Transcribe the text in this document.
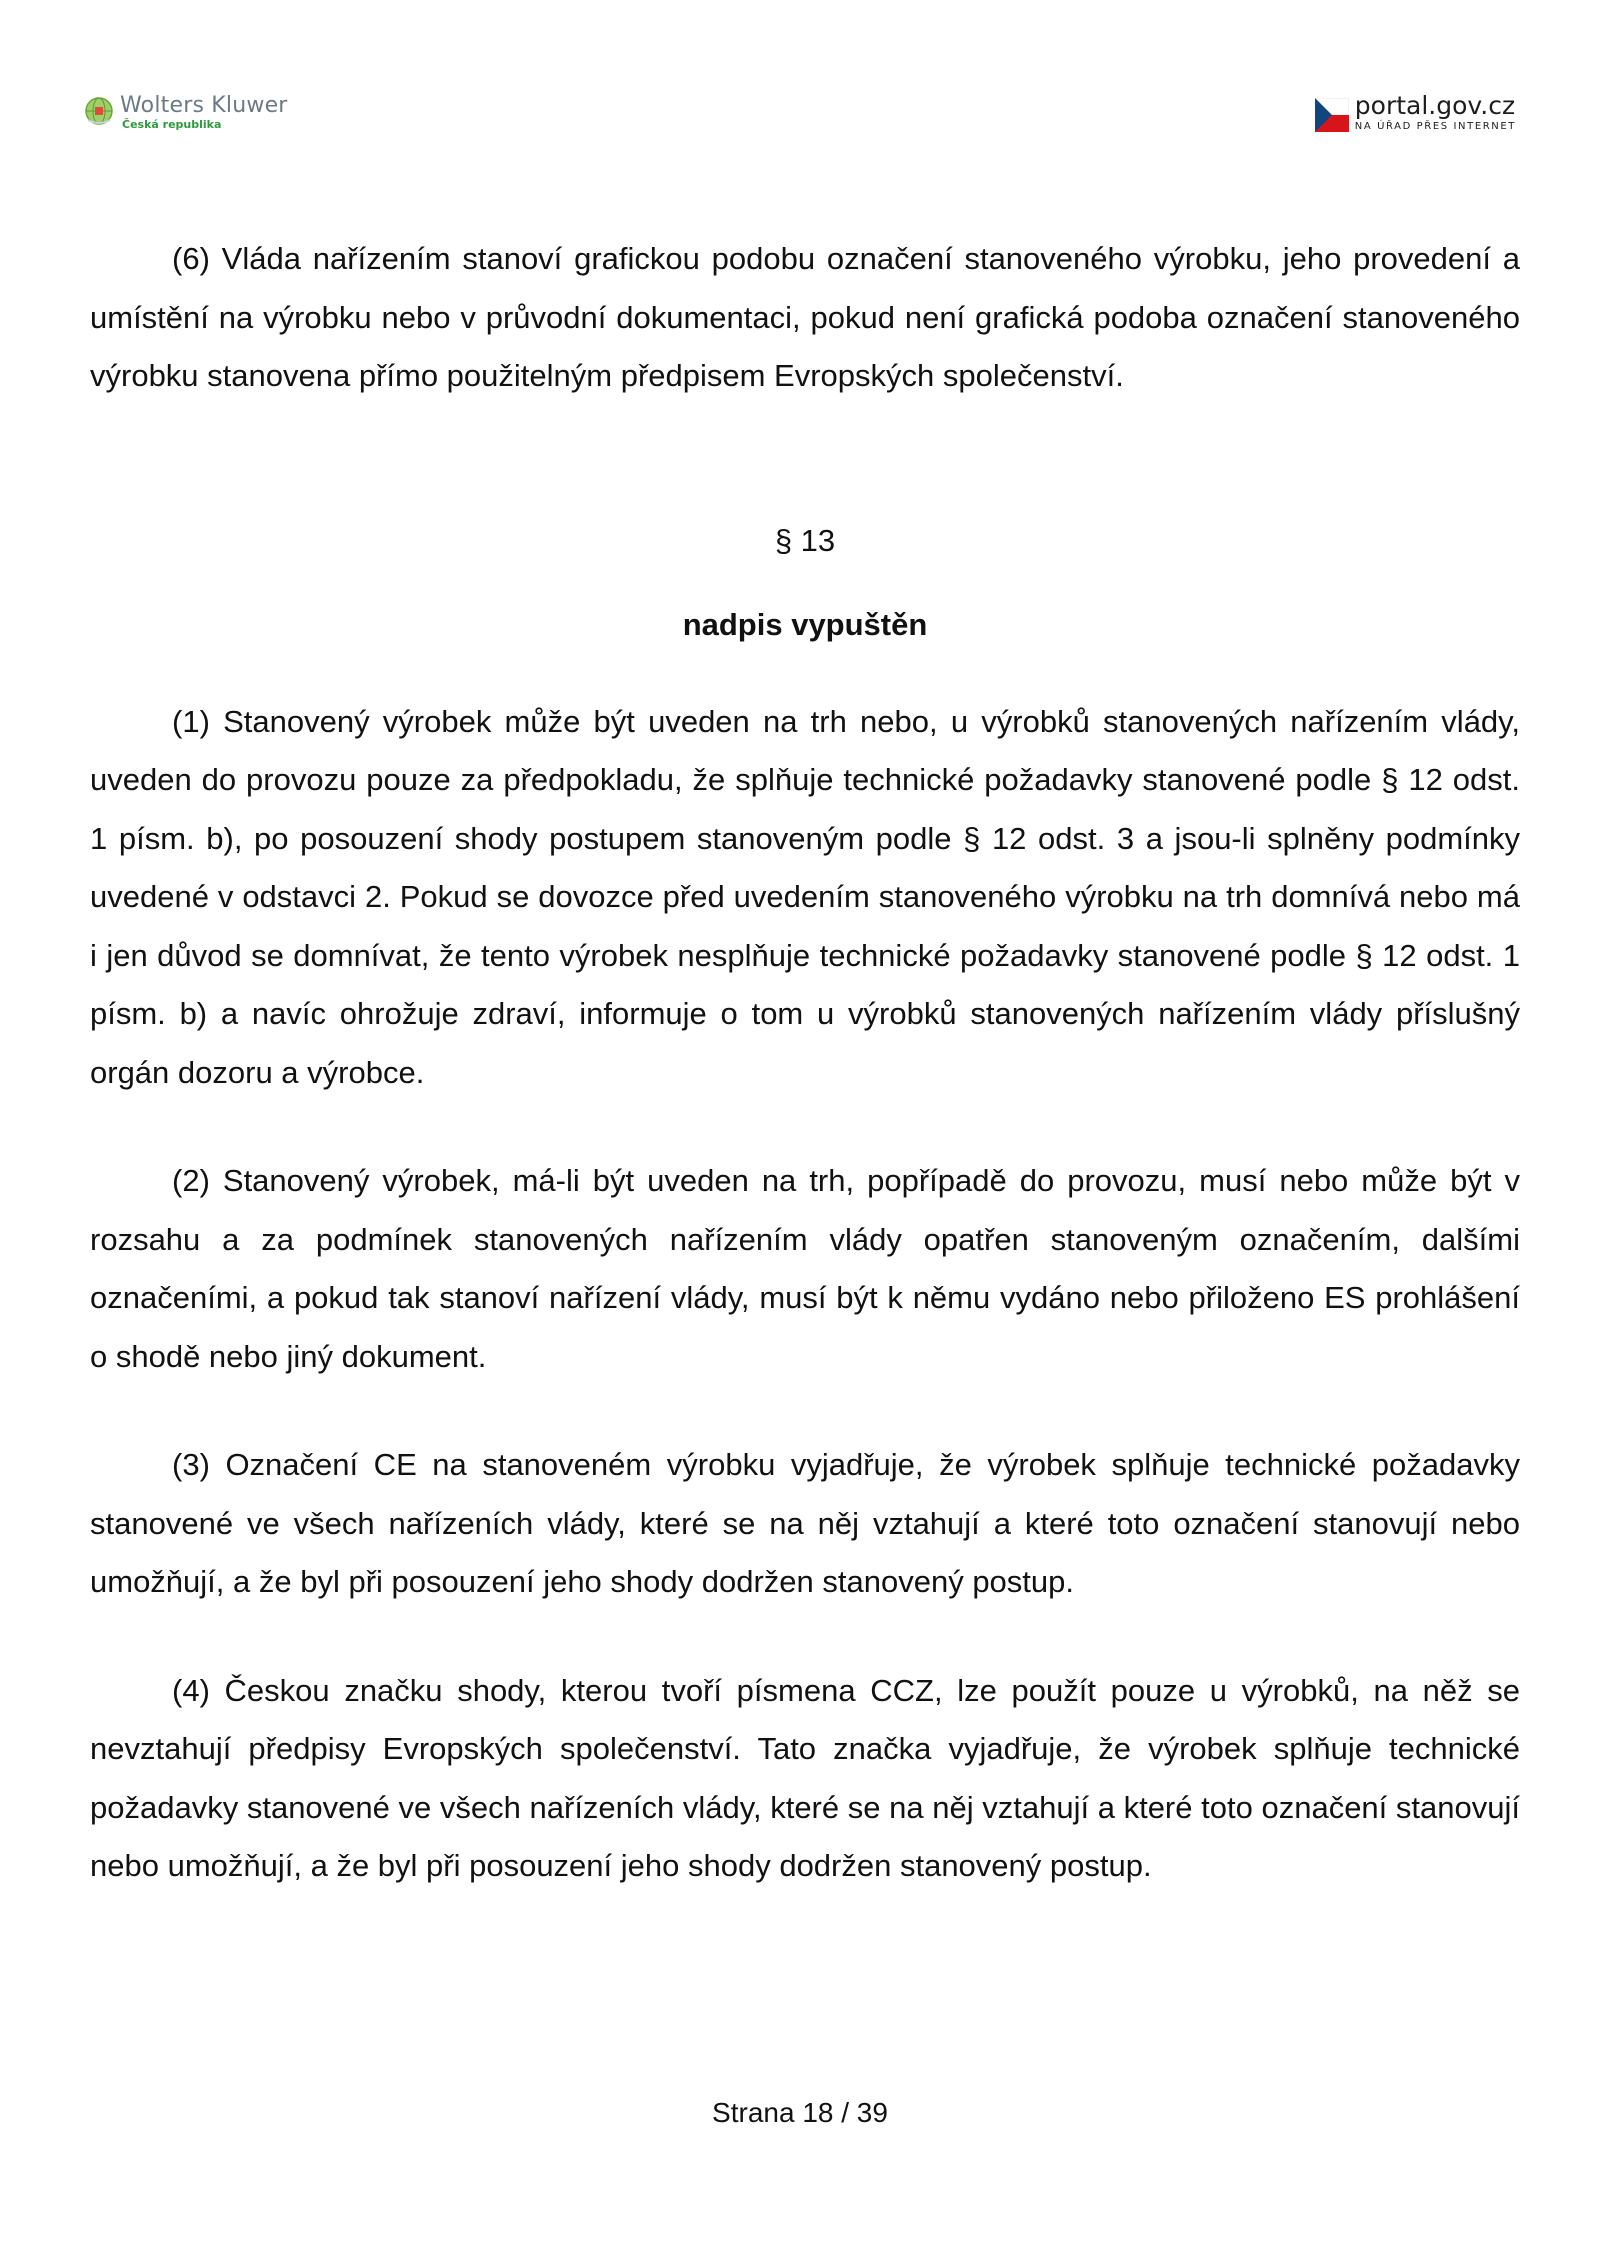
Wolters Kluwer
Česká republika
portal.gov.cz
NA ÚŘAD PŘES INTERNET

(6) Vláda nařízením stanoví grafickou podobu označení stanoveného výrobku, jeho provedení a umístění na výrobku nebo v průvodní dokumentaci, pokud není grafická podoba označení stanoveného výrobku stanovena přímo použitelným předpisem Evropských společenství.

§ 13

nadpis vypuštěn

(1) Stanovený výrobek může být uveden na trh nebo, u výrobků stanovených nařízením vlády, uveden do provozu pouze za předpokladu, že splňuje technické požadavky stanovené podle § 12 odst. 1 písm. b), po posouzení shody postupem stanoveným podle § 12 odst. 3 a jsou-li splněny podmínky uvedené v odstavci 2. Pokud se dovozce před uvedením stanoveného výrobku na trh domnívá nebo má i jen důvod se domnívat, že tento výrobek nesplňuje technické požadavky stanovené podle § 12 odst. 1 písm. b) a navíc ohrožuje zdraví, informuje o tom u výrobků stanovených nařízením vlády příslušný orgán dozoru a výrobce.

(2) Stanovený výrobek, má-li být uveden na trh, popřípadě do provozu, musí nebo může být v rozsahu a za podmínek stanovených nařízením vlády opatřen stanoveným označením, dalšími označeními, a pokud tak stanoví nařízení vlády, musí být k němu vydáno nebo přiloženo ES prohlášení o shodě nebo jiný dokument.

(3) Označení CE na stanoveném výrobku vyjadřuje, že výrobek splňuje technické požadavky stanovené ve všech nařízeních vlády, které se na něj vztahují a které toto označení stanovují nebo umožňují, a že byl při posouzení jeho shody dodržen stanovený postup.

(4) Českou značku shody, kterou tvoří písmena CCZ, lze použít pouze u výrobků, na něž se nevztahují předpisy Evropských společenství. Tato značka vyjadřuje, že výrobek splňuje technické požadavky stanovené ve všech nařízeních vlády, které se na něj vztahují a které toto označení stanovují nebo umožňují, a že byl při posouzení jeho shody dodržen stanovený postup.

Strana 18 / 39
